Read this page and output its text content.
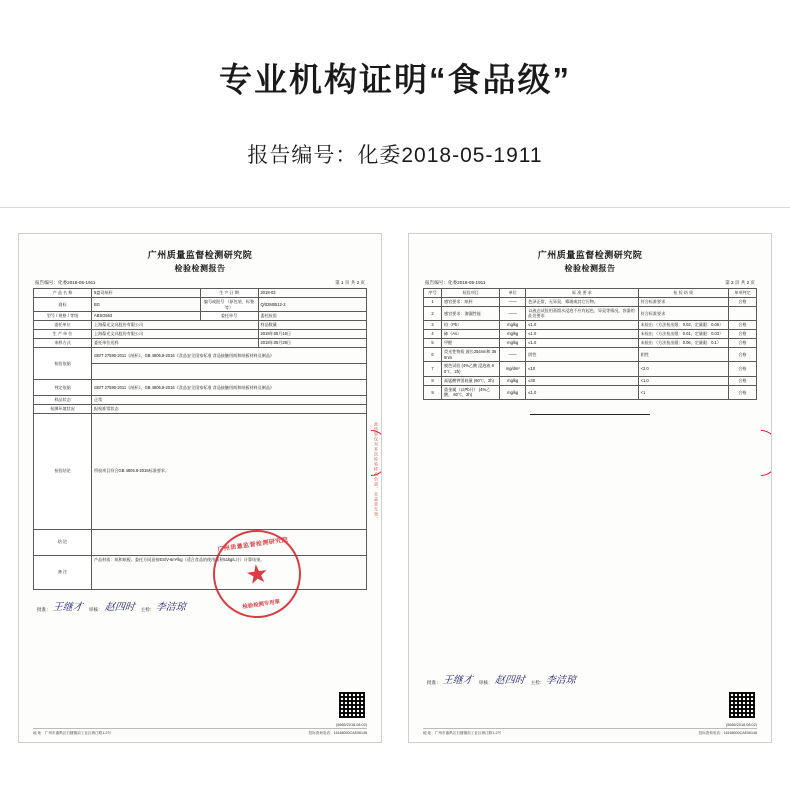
专业机构证明“食品级”
报告编号：化委2018-05-1911
广州质量监督检测研究院
检验检测报告
报告编号：化委2018-05-1911	第 1 页 共 2 页
产 品 名 称	9盎司纸杯	生 产 日 期	2018-03
商标	BG	编号或批号 （原包装、标签等）	Q/02M0512-2
型号 / 规格 / 等级	ABSG563	委托单号	委托检验
委托单位	上海葆光文具股份有限公司		样品数量
生 产 单 位	上海葆光文具股份有限公司		2018年05月16日
来样方式	委托单位送样		2018年05月28日
检验依据	GB/T 27590-2011《纸杯》、GB 4806.8-2016《食品安全国家标准 食品接触用纸和纸板材料及制品》		

判定依据	GB/T 27590-2011《纸杯》、GB 4806.8-2016《食品安全国家标准 食品接触用纸和纸板材料及制品》		
样品状态	正常		
检测环境状况	报检准常状态		
检验结论	所检项目符合GB 4806.8-2016标准要求。		
结 论			
备 注	产品材质：纸和纸板。委托方同意按ES/V-6m²/kg（适合食品的使用面积51kg/L计）计算结果。		
广州质量监督检测研究院
★
检验检测专用章
此结果仅对本次检验样品负责，未盖章无效。
批准： 王继才 审核： 赵四时 主检： 李洁琼
(5665/2018.08.02)
地 址：广州市番禺区石楼镇前工业区海江路1-2号	投诉查询电话：16168000CAE06148
广州质量监督检测研究院
检验检测报告
报告编号：化委2018-05-1911	第 2 页 共 2 页
序号	检验项目	单位	标 准 要 求	检 验 结 果	单项判定
1	感官要求：纸杯	——	色泽正常，无异臭、霉斑或其它污物。	符合标准要求	合格
2	感官要求：渗漏性能	——	以液态试验用蒸馏水浸泡不应有起色、异臭等情况，容器的此处要求	符合标准要求	
3	铅（Pb）	mg/kg	≤1.0	未检出 （方法检出限：0.02，定量限：0.06）	合格
4	砷（As）	mg/kg	≤1.0	未检出 （方法检出限：0.01，定量限：0.03）	合格
5	甲醛	mg/kg	≤1.0	未检出 （方法检出限：0.06，定量限：0.1）	合格
6	荧光性物质 波长254nm和 365nm	——	阴性	阴性	合格
7	脱色试验 (4%乙酸 浸泡液 60℃，2h)	mg/dm²	≤10	<2.0	合格
8	高锰酸钾消耗量 (60℃，2h)	mg/kg	≤40	<1.0	合格
9	重金属（以Pb计） (4%乙酸， 60℃，2h)	mg/kg	≤1.0	<1	合格
批准： 王继才 审核： 赵四时 主检： 李洁琼
(5665/2018.08.02)
地 址：广州市番禺区石楼镇前工业区海江路1-2号	投诉查询电话：16168000CAE06148
